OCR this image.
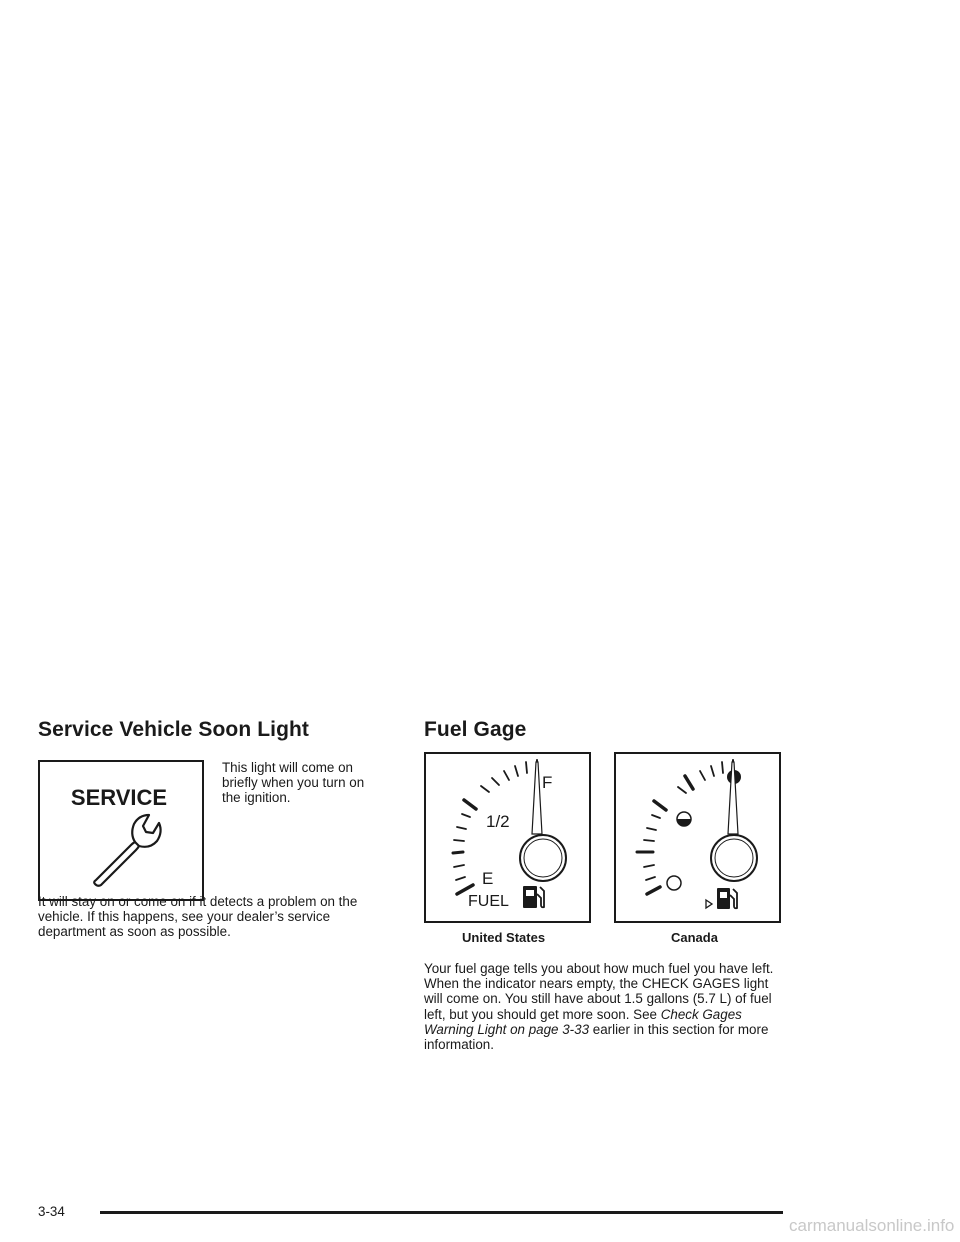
Service Vehicle Soon Light
SERVICE
This light will come on briefly when you turn on the ignition.
It will stay on or come on if it detects a problem on the vehicle. If this happens, see your dealer’s service department as soon as possible.
Fuel Gage
F
1/2
E
FUEL
United States	Canada
Your fuel gage tells you about how much fuel you have left. When the indicator nears empty, the CHECK GAGES light will come on. You still have about 1.5 gallons (5.7 L) of fuel left, but you should get more soon. See Check Gages Warning Light on page 3-33 earlier in this section for more information.
3-34
carmanualsonline.info
